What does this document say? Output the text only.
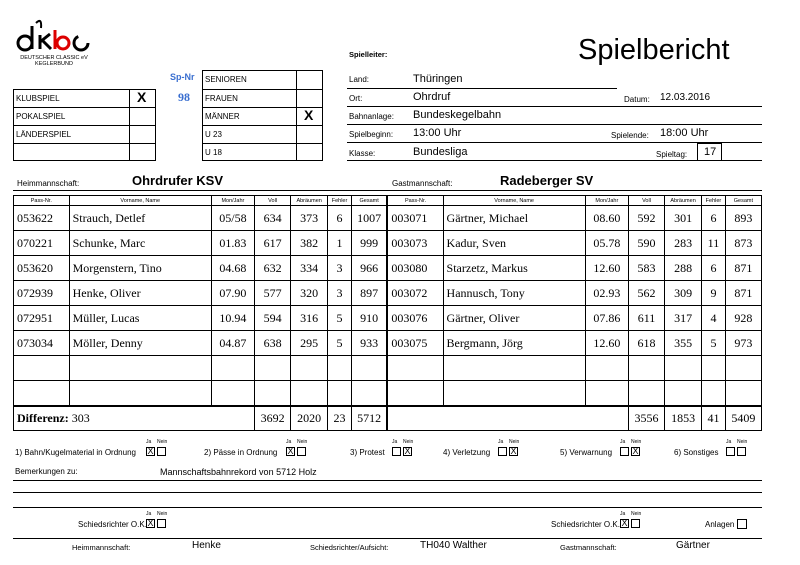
DEUTSCHER CLASSIC eV
KEGLERBUND	Spielbericht
KLUBSPIEL	X
POKALSPIEL
LÄNDERSPIEL
Sp-Nr
98
SENIOREN
FRAUEN
MÄNNER	X
U 23
U 18
Spielleiter:
Land:	Thüringen
Ort:	Ohrdruf	Datum: 12.03.2016
Bahnanlage: Bundeskegelbahn
Spielbeginn: 13:00 Uhr	Spielende: 18:00 Uhr
Klasse:	Bundesliga	Spieltag: 17
Heimmannschaft:	Ohrdrufer KSV	Gastmannschaft:	Radeberger SV
Pass-Nr.	Vorname, Name	Mon/Jahr	Voll	Abräumen	Fehler	Gesamt	Pass-Nr.	Vorname, Name	Mon/Jahr	Voll	Abräumen	Fehler	Gesamt
053622	Strauch, Detlef	05/58	634	373	6	1007	003071	Gärtner, Michael	08.60	592	301	6	893
070221	Schunke, Marc	01.83	617	382	1	999	003073	Kadur, Sven	05.78	590	283	11	873
053620	Morgenstern, Tino	04.68	632	334	3	966	003080	Starzetz, Markus	12.60	583	288	6	871
072939	Henke, Oliver	07.90	577	320	3	897	003072	Hannusch, Tony	02.93	562	309	9	871
072951	Müller, Lucas	10.94	594	316	5	910	003076	Gärtner, Oliver	07.86	611	317	4	928
073034	Möller, Denny	04.87	638	295	5	933	003075	Bergmann, Jörg	12.60	618	355	5	973

Differenz: 303			3692	2020	23	5712				3556	1853	41	5409
1) Bahn/Kugelmaterial in Ordnung
Ja Nein
X	2) Pässe in Ordnung
Ja Nein
X	3) Protest
Ja Nein
X	4) Verletzung
Ja Nein
X	5) Verwarnung
Ja Nein
X	6) Sonstiges
Ja Nein
Bemerkungen zu:	Mannschaftsbahnrekord von 5712 Holz
Schiedsrichter O.K.
Ja Nein
X	Schiedsrichter O.K.
Ja Nein
X	Anlagen
Heimmannschaft:	Henke	Schiedsrichter/Aufsicht:	TH040 Walther	Gastmannschaft:	Gärtner
